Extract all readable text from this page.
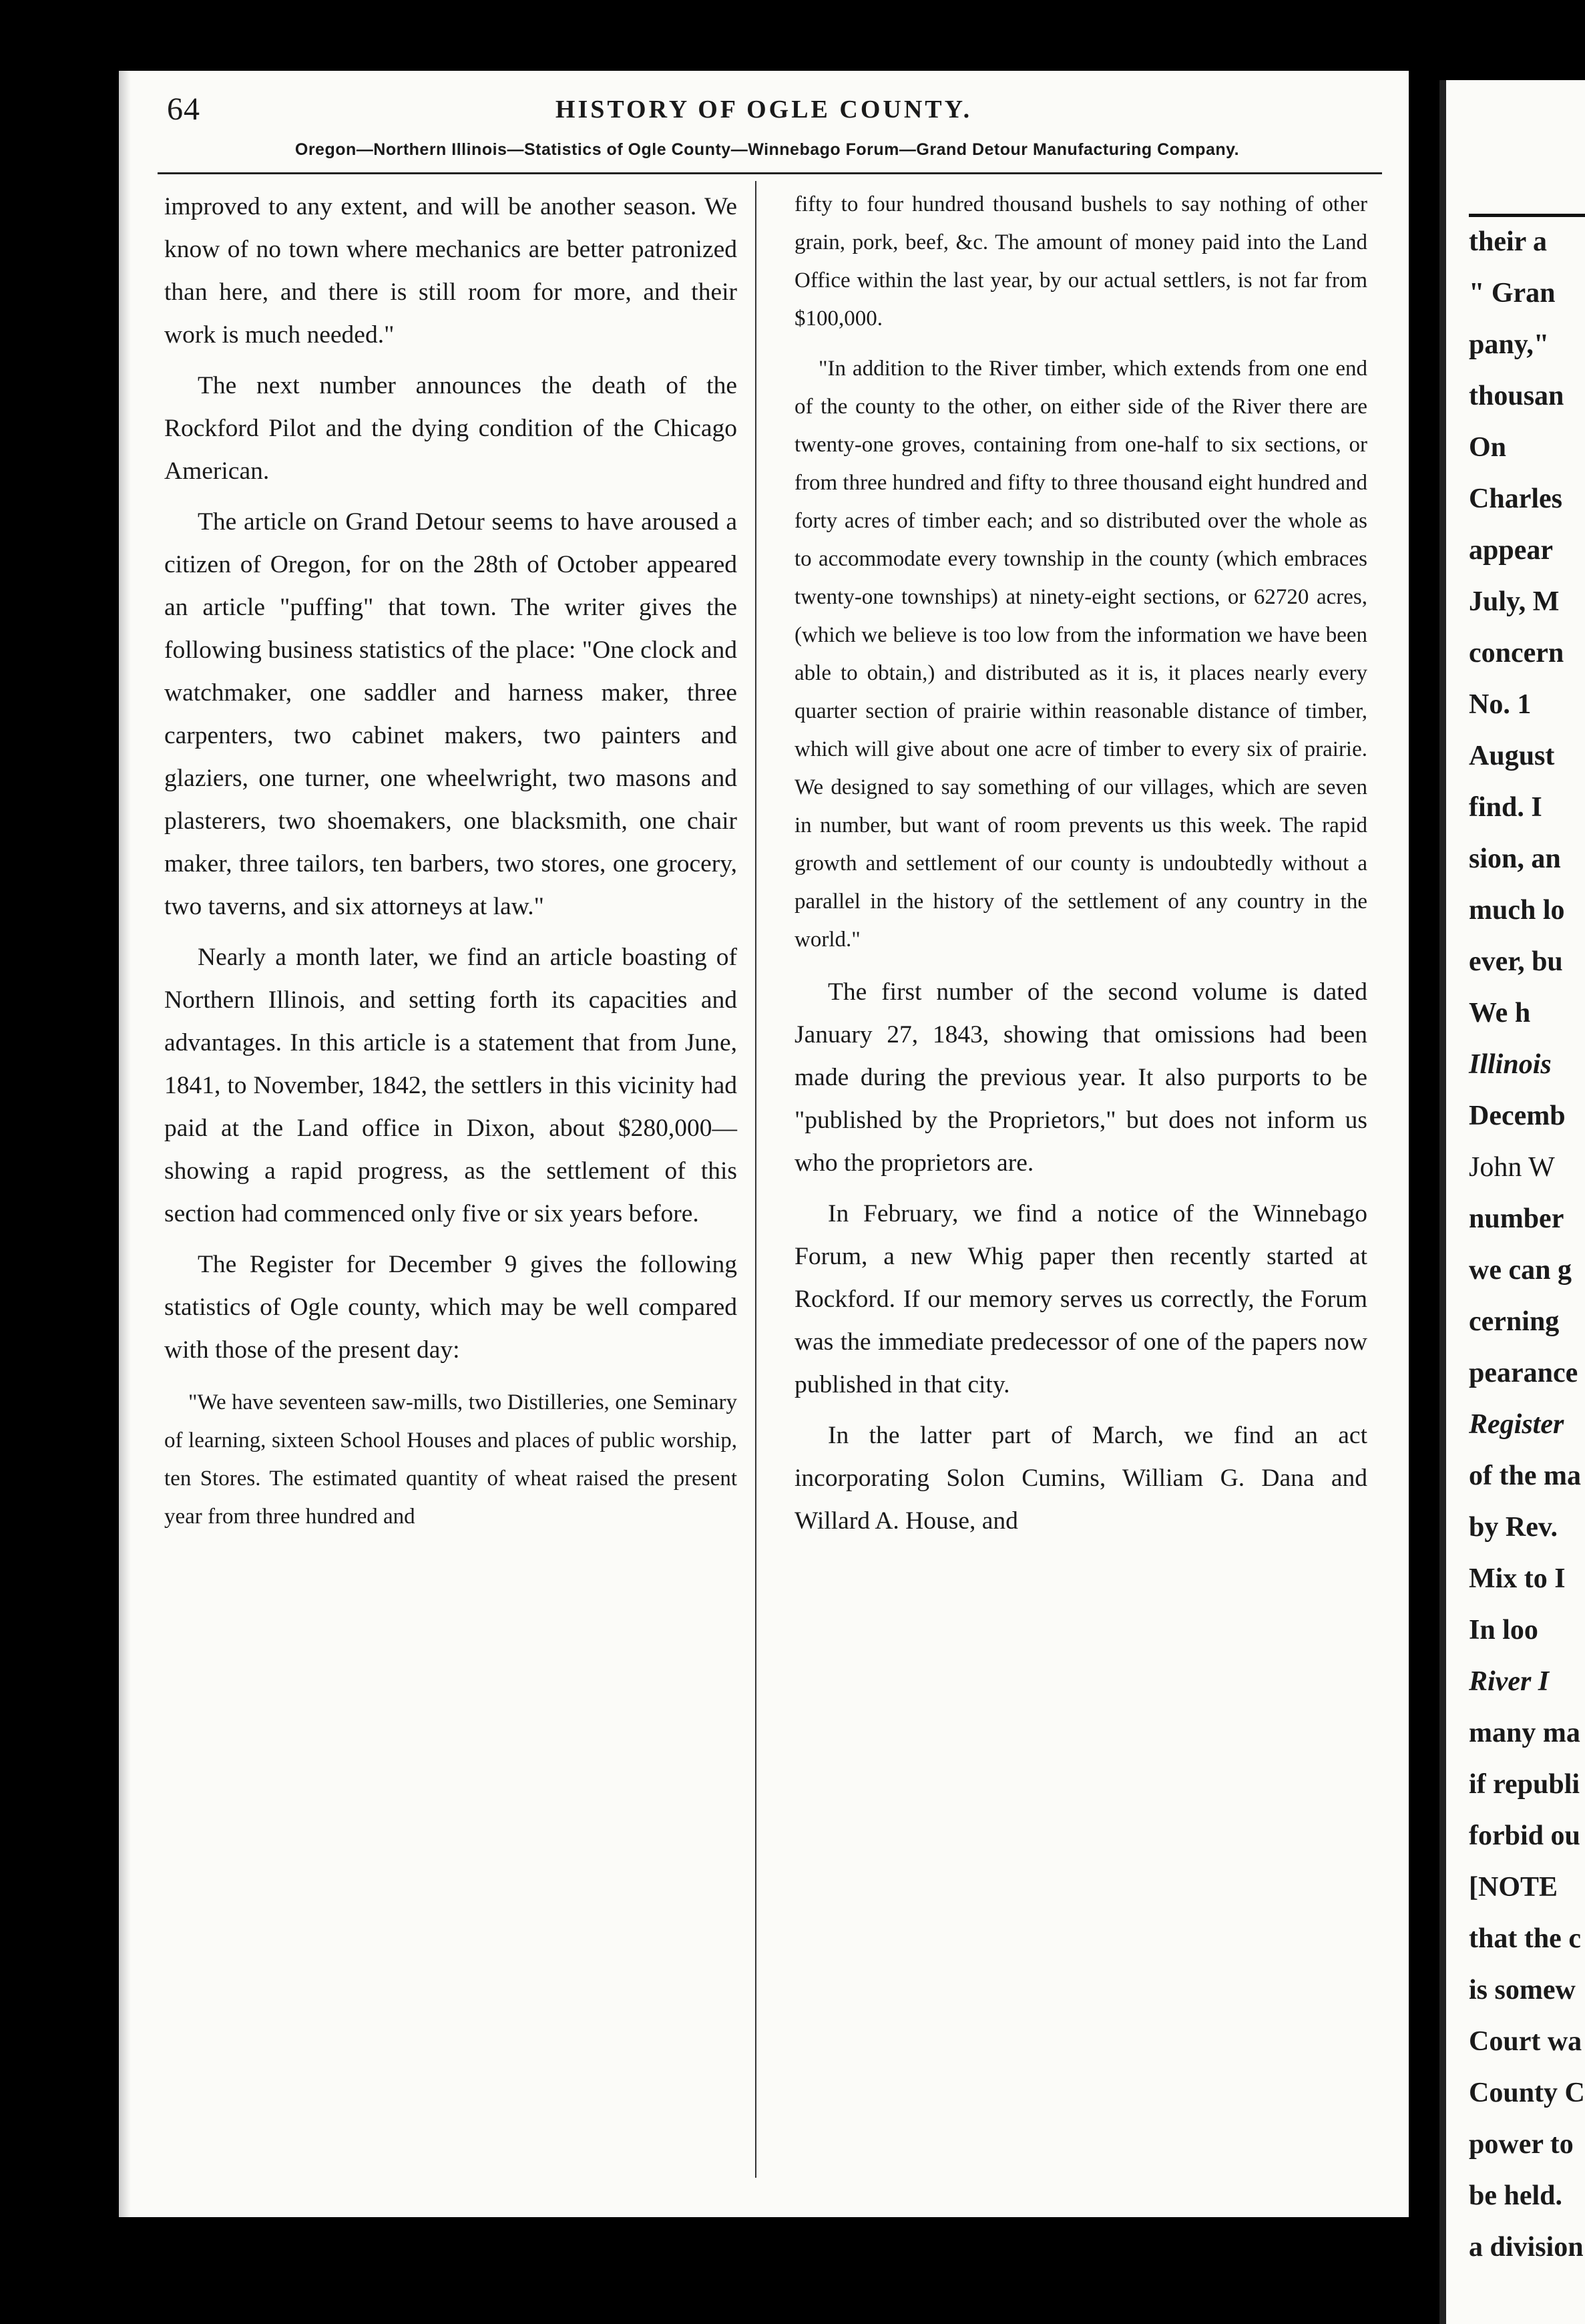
64	HISTORY OF OGLE COUNTY.
Oregon—Northern Illinois—Statistics of Ogle County—Winnebago Forum—Grand Detour Manufacturing Company.

improved to any extent, and will be another season. We know of no town where mechanics are better patronized than here, and there is still room for more, and their work is much needed."

The next number announces the death of the Rockford Pilot and the dying condition of the Chicago American.

The article on Grand Detour seems to have aroused a citizen of Oregon, for on the 28th of October appeared an article "puffing" that town. The writer gives the following business statistics of the place: "One clock and watchmaker, one saddler and harness maker, three carpenters, two cabinet makers, two painters and glaziers, one turner, one wheelwright, two masons and plasterers, two shoemakers, one blacksmith, one chair maker, three tailors, ten barbers, two stores, one grocery, two taverns, and six attorneys at law."

Nearly a month later, we find an article boasting of Northern Illinois, and setting forth its capacities and advantages. In this article is a statement that from June, 1841, to November, 1842, the settlers in this vicinity had paid at the Land office in Dixon, about $280,000—showing a rapid progress, as the settlement of this section had commenced only five or six years before.

The Register for December 9 gives the following statistics of Ogle county, which may be well compared with those of the present day:

"We have seventeen saw-mills, two Distilleries, one Seminary of learning, sixteen School Houses and places of public worship, ten Stores. The estimated quantity of wheat raised the present year from three hundred and

fifty to four hundred thousand bushels to say nothing of other grain, pork, beef, &c. The amount of money paid into the Land Office within the last year, by our actual settlers, is not far from $100,000.

"In addition to the River timber, which extends from one end of the county to the other, on either side of the River there are twenty-one groves, containing from one-half to six sections, or from three hundred and fifty to three thousand eight hundred and forty acres of timber each; and so distributed over the whole as to accommodate every township in the county (which embraces twenty-one townships) at ninety-eight sections, or 62720 acres, (which we believe is too low from the information we have been able to obtain,) and distributed as it is, it places nearly every quarter section of prairie within reasonable distance of timber, which will give about one acre of timber to every six of prairie. We designed to say something of our villages, which are seven in number, but want of room prevents us this week. The rapid growth and settlement of our county is undoubtedly without a parallel in the history of the settlement of any country in the world."

The first number of the second volume is dated January 27, 1843, showing that omissions had been made during the previous year. It also purports to be "published by the Proprietors," but does not inform us who the proprietors are.

In February, we find a notice of the Winnebago Forum, a new Whig paper then recently started at Rockford. If our memory serves us correctly, the Forum was the immediate predecessor of one of the papers now published in that city.

In the latter part of March, we find an act incorporating Solon Cumins, William G. Dana and Willard A. House, and

their a
" Gran
pany,"
thousan
On
Charles
appear
July, M
concern
No. 1
August
find. I
sion, an
much lo
ever, bu
We h
Illinois
Decemb
John W
number
we can g
cerning
pearance
Register
of the ma
by Rev.
Mix to I
In loo
River I
many ma
if republi
forbid ou
[NOTE
that the c
is somew
Court wa
County C
power to
be held.
a division
